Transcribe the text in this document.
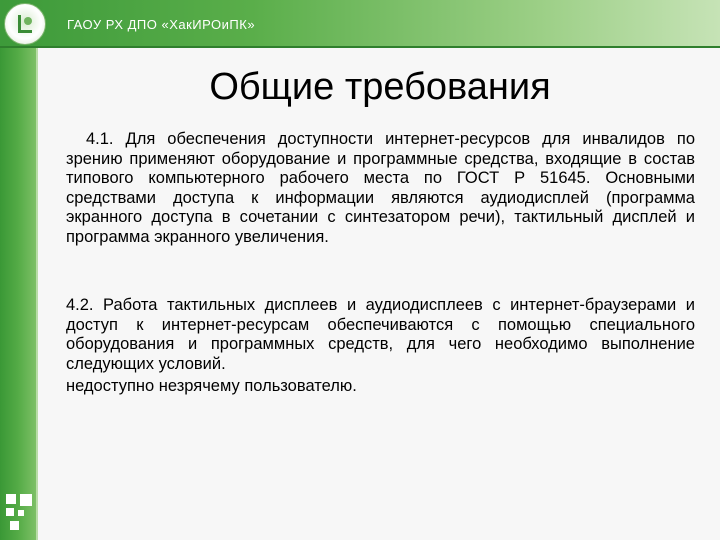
ГАОУ РХ ДПО «ХакИРОиПК»
Общие требования

4.1. Для обеспечения доступности интернет-ресурсов для инвалидов по зрению применяют оборудование и программные средства, входящие в состав типового компьютерного рабочего места по ГОСТ Р 51645. Основными средствами доступа к информации являются аудиодисплей (программа экранного доступа в сочетании с синтезатором речи), тактильный дисплей и программа экранного увеличения.

4.2. Работа тактильных дисплеев и аудиодисплеев с интернет-браузерами и доступ к интернет-ресурсам обеспечиваются с помощью специального оборудования и программных средств, для чего необходимо выполнение следующих условий.

недоступно незрячему пользователю.
